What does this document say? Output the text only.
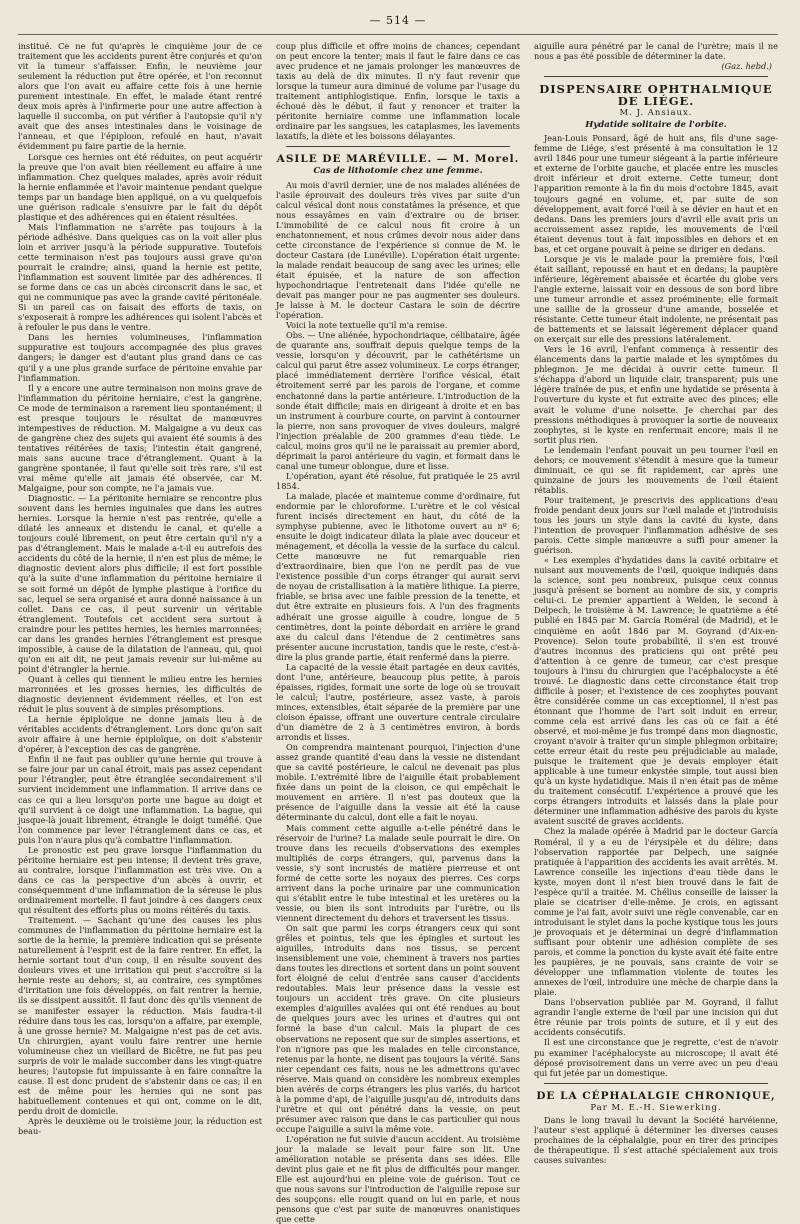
— 514 —

institué. Ce ne fut qu'après le cinquième jour de ce traitement que les accidents purent être conjurés et qu'on vit la tumeur s'affaisser. Enfin, le neuvième jour seulement la réduction put être opérée, et l'on reconnut alors que l'on avait eu affaire cette fois à une hernie purement intestinale. En effet, le malade étant rentré deux mois après à l'infirmerie pour une autre affection à laquelle il succomba, on put vérifier à l'autopsie qu'il n'y avait que des anses intestinales dans le voisinage de l'anneau, et que l'épiploon, refoulé en haut, n'avait évidemment pu faire partie de la hernie.

Lorsque ces hernies ont été réduites, on peut acquérir la preuve que l'on avait bien réellement eu affaire à une inflammation. Chez quelques malades, après avoir réduit la hernie enflammée et l'avoir maintenue pendant quelque temps par un bandage bien appliqué, on a vu quelquefois une guérison radicale s'ensuivre par le fait du dépôt plastique et des adhérences qui en étaient résultées.

Mais l'inflammation ne s'arrête pas toujours à la période adhésive. Dans quelques cas on la voit aller plus loin et arriver jusqu'à la période suppurative. Toutefois cette terminaison n'est pas toujours aussi grave qu'on pourrait le craindre; ainsi, quand la hernie est petite, l'inflammation est souvent limitée par des adhérences. Il se forme dans ce cas un abcès circonscrit dans le sac, et qui ne communique pas avec la grande cavité péritonéale. Si un pareil cas on faisait des efforts de taxis, on s'exposerait à rompre les adhérences qui isolent l'abcès et à refouler le pus dans le ventre.

Dans les hernies volumineuses, l'inflammation suppurative est toujours accompagnée des plus graves dangers; le danger est d'autant plus grand dans ce cas qu'il y a une plus grande surface de péritoine envahie par l'inflammation.

Il y a encore une autre terminaison non moins grave de l'inflammation du péritoine herniaire, c'est la gangrène. Ce mode de terminaison a rarement lieu spontanément; il est presque toujours le résultat de manœuvres intempestives de réduction. M. Malgaigne a vu deux cas de gangrène chez des sujets qui avaient été soumis à des tentatives réitérées de taxis; l'intestin était gangrené, mais sans aucune trace d'étranglement. Quant à la gangrène spontanée, il faut qu'elle soit très rare, s'il est vrai même qu'elle ait jamais été observée, car M. Malgaigne, pour son compte, ne l'a jamais vue.

Diagnostic. — La péritonite herniaire se rencontre plus souvent dans les hernies inguinales que dans les autres hernies. Lorsque la hernie n'est pas rentrée, qu'elle a dilaté les anneaux et distendu le canal, et qu'elle a toujours coulé librement, on peut être certain qu'il n'y a pas d'étranglement. Mais le malade a-t-il eu autrefois des accidents du côté de la hernie, il n'en est plus de même; le diagnostic devient alors plus difficile; il est fort possible qu'à la suite d'une inflammation du péritoine herniaire il se soit formé un dépôt de lymphe plastique à l'orifice du sac, lequel se sera organisé et aura donné naissance à un collet. Dans ce cas, il peut survenir un véritable étranglement. Toutefois cet accident sera surtout à craindre pour les petites hernies, les hernies marronnées; car dans les grandes hernies l'étranglement est presque impossible, à cause de la dilatation de l'anneau, qui, quoi qu'on en ait dit, ne peut jamais revenir sur lui-même au point d'étrangler la hernie.

Quant à celles qui tiennent le milieu entre les hernies marronnées et les grosses hernies, les difficultés de diagnostic deviennent évidemment réelles, et l'on est réduit le plus souvent à de simples présomptions.

La hernie épiploïque ne donne jamais lieu à de véritables accidents d'étranglement. Lors donc qu'on sait avoir affaire à une hernie épiploïque, on doit s'abstenir d'opérer, à l'exception des cas de gangrène.

Enfin il ne faut pas oublier qu'une hernie qui trouve à se faire jour par un canal étroit, mais pas assez cependant pour l'étrangler, peut être étranglée secondairement s'il survient incidemment une inflammation. Il arrive dans ce cas ce qui a lieu lorsqu'on porte une bague au doigt et qu'il survient à ce doigt une inflammation. La bague, qui jusque-là jouait librement, étrangle le doigt tuméfié. Que l'on commence par lever l'étranglement dans ce cas, et puis l'on n'aura plus qu'à combattre l'inflammation.

Le pronostic est peu grave lorsque l'inflammation du péritoine herniaire est peu intense; il devient très grave, au contraire, lorsque l'inflammation est très vive. On a dans ce cas la perspective d'un abcès à ouvrir, et conséquemment d'une inflammation de la séreuse le plus ordinairement mortelle. Il faut joindre à ces dangers ceux qui résultent des efforts plus ou moins réitérés du taxis.

Traitement. — Sachant qu'une des causes les plus communes de l'inflammation du péritoine herniaire est la sortie de la hernie, la première indication qui se présente naturellement à l'esprit est de la faire rentrer. En effet, la hernie sortant tout d'un coup, il en résulte souvent des douleurs vives et une irritation qui peut s'accroître si la hernie reste au dehors; si, au contraire, ces symptômes d'irritation une fois développés, on fait rentrer la hernie, ils se dissipent aussitôt. Il faut donc dès qu'ils viennent de se manifester essayer la réduction. Mais faudra-t-il réduire dans tous les cas, lorsqu'on a affaire, par exemple, à une grosse hernie? M. Malgaigne n'est pas de cet avis. Un chirurgien, ayant voulu faire rentrer une hernie volumineuse chez un vieillard de Bicêtre, ne fut pas peu surpris de voir le malade succomber dans les vingt-quatre heures; l'autopsie fut impuissante à en faire connaître la cause. Il est donc prudent de s'abstenir dans ce cas; il en est de même pour les hernies qui ne sont pas habituellement contenues et qui ont, comme on le dit, perdu droit de domicile.

Après le deuxième ou le troisième jour, la réduction est beau-

coup plus difficile et offre moins de chances; cependant on peut encore la tenter; mais il faut le faire dans ce cas avec prudence et ne jamais prolonger les manœuvres de taxis au delà de dix minutes. Il n'y faut revenir que lorsque la tumeur aura diminué de volume par l'usage du traitement antiphlogistique. Enfin, lorsque le taxis a échoué dès le début, il faut y renoncer et traiter la péritonite herniaire comme une inflammation locale ordinaire par les sangsues, les cataplasmes, les lavements laxatifs, la diète et les boissons délayantes.

ASILE DE MARÉVILLE. — M. Morel.
Cas de lithotomie chez une femme.

Au mois d'avril dernier, une de nos malades aliénées de l'asile éprouvait des douleurs très vives par suite d'un calcul vésical dont nous constatâmes la présence, et que nous essayâmes en vain d'extraire ou de briser. L'immobilité de ce calcul nous fit croire à un enchatonnement, et nous crûmes devoir nous aider dans cette circonstance de l'expérience si connue de M. le docteur Castara (de Lunéville). L'opération était urgente: la malade rendait beaucoup de sang avec les urines; elle était épuisée, et la nature de son affection hypochondriaque l'entretenait dans l'idée qu'elle ne devait pas manger pour ne pas augmenter ses douleurs. Je laisse à M. le docteur Castara le soin de décrire l'opération.

Voici la note textuelle qu'il m'a remise.

Obs. — Une aliénée, hypochondriaque, célibataire, âgée de quarante ans, souffrait depuis quelque temps de la vessie, lorsqu'on y découvrit, par le cathétérisme un calcul qui parut être assez volumineux. Le corps étranger, placé immédiatement derrière l'orifice vésical, était étroitement serré par les parois de l'organe, et comme enchatonné dans la partie antérieure. L'introduction de la sonde était difficile; mais en dirigeant à droite et en bas un instrument à courbure courte, on parvint à contourner la pierre, non sans provoquer de vives douleurs, malgré l'injection préalable de 200 grammes d'eau tiède. Le calcul, moins gros qu'il ne le paraissait au premier abord, déprimait la paroi antérieure du vagin, et formait dans le canal une tumeur oblongue, dure et lisse.

L'opération, ayant été résolue, fut pratiquée le 25 avril 1854.

La malade, placée et maintenue comme d'ordinaire, fut endormie par le chloroforme. L'urètre et le col vésical furent incisés directement en haut, du côté de la symphyse pubienne, avec le lithotome ouvert au nº 6; ensuite le doigt indicateur dilata la plaie avec douceur et ménagement, et décolla la vessie de la surface du calcul. Cette manœuvre ne fut remarquable rien d'extraordinaire, bien que l'on ne perdît pas de vue l'existence possible d'un corps étranger qui aurait servi de noyau de cristallisation à la matière lithique. La pierre, friable, se brisa avec une faible pression de la tenette, et dut être extraite en plusieurs fois. A l'un des fragments adhérait une grosse aiguille à coudre, longue de 5 centimètres, dont la pointe débordait en arrière le grand axe du calcul dans l'étendue de 2 centimètres sans présenter aucune incrustation, tandis que le reste, c'est-à-dire la plus grande partie, était renfermé dans la pierre.

La capacité de la vessie était partagée en deux cavités, dont l'une, antérieure, beaucoup plus petite, à parois épaisses, rigides, formait une sorte de loge où se trouvait le calcul; l'autre, postérieure, assez vaste, à parois minces, extensibles, était séparée de la première par une cloison épaisse, offrant une ouverture centrale circulaire d'un diamètre de 2 à 3 centimètres environ, à bords arrondis et lisses.

On comprendra maintenant pourquoi, l'injection d'une assez grande quantité d'eau dans la vessie ne distendant que sa cavité postérieure, le calcul ne devenait pas plus mobile. L'extrémité libre de l'aiguille était probablement fixée dans un point de la cloison, ce qui empêchait le mouvement en arrière. Il n'est pas douteux que la présence de l'aiguille dans la vessie ait été la cause déterminante du calcul, dont elle a fait le noyau.

Mais comment cette aiguille a-t-elle pénétré dans le réservoir de l'urine? La malade seule pourrait le dire. On trouve dans les recueils d'observations des exemples multipliés de corps étrangers, qui, parvenus dans la vessie, s'y sont incrustés de matière pierreuse et ont formé de cette sorte les noyaux des pierres. Ces corps arrivent dans la poche urinaire par une communication qui s'établit entre le tube intestinal et les uretères ou la vessie, ou bien ils sont introduits par l'urètre, ou ils viennent directement du dehors et traversent les tissus.

On sait que parmi les corps étrangers ceux qui sont grêles et pointus, tels que les épingles et surtout les aiguilles, introduits dans nos tissus, se percent insensiblement une voie, cheminent à travers nos parties dans toutes les directions et sortent dans un point souvent fort éloigné de celui d'entrée sans causer d'accidents redoutables. Mais leur présence dans la vessie est toujours un accident très grave. On cite plusieurs exemples d'aiguilles avalées qui ont été rendues au bout de quelques jours avec les urines et d'autres qui ont formé la base d'un calcul. Mais la plupart de ces observations ne reposent que sur de simples assertions, et l'on n'ignore pas que les malades en telle circonstance, retenus par la honte, ne disent pas toujours la vérité. Sans nier cependant ces faits, nous ne les admettrons qu'avec réserve. Mais quand on considère les nombreux exemples bien avérés de corps étrangers les plus variés, du haricot à la pomme d'api, de l'aiguille jusqu'au dé, introduits dans l'urètre et qui ont pénétré dans la vessie, on peut présumer avec raison que dans le cas particulier qui nous occupe l'aiguille a suivi la même voie.

L'opération ne fut suivie d'aucun accident. Au troisième jour la malade se levait pour faire son lit. Une amélioration notable se présenta dans ses idées. Elle devint plus gaie et ne fit plus de difficultés pour manger. Elle est aujourd'hui en pleine voie de guérison. Tout ce que nous savons sur l'introduction de l'aiguille repose sur des soupçons: elle rougit quand on lui en parle, et nous pensons que c'est par suite de manœuvres onanistiques que cette

aiguille aura pénétré par le canal de l'urètre; mais il ne nous a pas été possible de déterminer la date.

(Gaz. hebd.)
DISPENSAIRE OPHTHALMIQUE DE LIÉGE.
M. J. Ansiaux.
Hydatide solitaire de l'orbite.

Jean-Louis Ponsard, âgé de huit ans, fils d'une sage-femme de Liége, s'est présenté à ma consultation le 12 avril 1846 pour une tumeur siégeant à la partie inférieure et externe de l'orbite gauche, et placée entre les muscles droit inférieur et droit externe. Cette tumeur, dont l'apparition remonte à la fin du mois d'octobre 1845, avait toujours gagné en volume, et, par suite de son développement, avait forcé l'œil à se dévier en haut et en dedans. Dans les premiers jours d'avril elle avait pris un accroissement assez rapide, les mouvements de l'œil étaient devenus tout à fait impossibles en dehors et en bas, et cet organe pouvait à peine se diriger en dedans.

Lorsque je vis le malade pour la première fois, l'œil était saillant, repoussé en haut et en dedans; la paupière inférieure, légèrement abaissée et écartée du globe vers l'angle externe, laissait voir en dessous de son bord libre une tumeur arrondie et assez proéminente; elle formait une saillie de la grosseur d'une amande, bosselée et résistante. Cette tumeur était indolente, ne présentait pas de battements et se laissait légèrement déplacer quand on exerçait sur elle des pressions latéralement.

Vers le 16 avril, l'enfant commença à ressentir des élancements dans la partie malade et les symptômes du phlegmon. Je me décidai à ouvrir cette tumeur. Il s'échappa d'abord un liquide clair, transparent; puis une légère traînée de pus, et enfin une hydatide se présenta à l'ouverture du kyste et fut extraite avec des pinces; elle avait le volume d'une noisette. Je cherchai par des pressions méthodiques à provoquer la sortie de nouveaux zoophytes, si le kyste en renfermait encore; mais il ne sortit plus rien.

Le lendemain l'enfant pouvait un peu tourner l'œil en dehors; ce mouvement s'étendit à mesure que la tumeur diminuait, ce qui se fit rapidement, car après une quinzaine de jours les mouvements de l'œil étaient rétablis.

Pour traitement, je prescrivis des applications d'eau froide pendant deux jours sur l'œil malade et j'introduisis tous les jours un style dans la cavité du kyste, dans l'intention de provoquer l'inflammation adhésive de ses parois. Cette simple manœuvre a suffi pour amener la guérison.

« Les exemples d'hydatides dans la cavité orbitaire et nuisant aux mouvements de l'œil, quoique indiqués dans la science, sont peu nombreux, puisque ceux connus jusqu'à présent se bornent au nombre de six, y compris celui-ci. Le premier appartient à Welden, le second à Delpech, le troisième à M. Lawrence; le quatrième a été publié en 1845 par M. García Roméral (de Madrid), et le cinquième en août 1846 par M. Goyrand (d'Aix-en-Provence). Selon toute probabilité, il s'en est trouvé d'autres inconnus des praticiens qui ont prêté peu d'attention à ce genre de tumeur, car c'est presque toujours à l'insu du chirurgien que l'acéphalocyste a été trouvé. Le diagnostic dans cette circonstance était trop difficile à poser; et l'existence de ces zoophytes pouvant être considérée comme un cas exceptionnel, il n'est pas étonnant que l'homme de l'art soit induit en erreur, comme cela est arrivé dans les cas où ce fait a été observé, et moi-même je fus trompé dans mon diagnostic, croyant n'avoir à traiter qu'un simple phlegmon orbitaire; cette erreur était du reste peu préjudiciable au malade, puisque le traitement que je devais employer était applicable à une tumeur enkystée simple, tout aussi bien qu'à un kyste hydatidique. Mais il n'en était pas de même du traitement consécutif. L'expérience a prouvé que les corps étrangers introduits et laissés dans la plaie pour déterminer une inflammation adhésive des parois du kyste avaient suscité de graves accidents.

Chez la malade opérée à Madrid par le docteur García Roméral, il y a eu de l'érysipèle et du délire; dans l'observation rapportée par Delpech, une saignée pratiquée à l'apparition des accidents les avait arrêtés. M. Lawrence conseille les injections d'eau tiède dans le kyste, moyen dont il n'est bien trouvé dans le fait de l'espèce qu'il a traitée. M. Chélius conseille de laisser la plaie se cicatriser d'elle-même. Je crois, en agissant comme je l'ai fait, avoir suivi une règle convenable, car en introduisant le stylet dans la poche kystique tous les jours je provoquais et je déterminai un degré d'inflammation suffisant pour obtenir une adhésion complète de ses parois, et comme la ponction du kyste avait été faite entre les paupières, je ne pouvais, sans crainte de voir se développer une inflammation violente de toutes les annexes de l'œil, introduire une mèche de charpie dans la plaie.

Dans l'observation publiée par M. Goyrand, il fallut agrandir l'angle externe de l'œil par une incision qui dut être réunie par trois points de suture, et il y eut des accidents consécutifs.

Il est une circonstance que je regrette, c'est de n'avoir pu examiner l'acéphalocyste au microscope; il avait été déposé provisoirement dans un verre avec un peu d'eau qui fut jetée par un domestique.

DE LA CÉPHALALGIE CHRONIQUE,
Par M. E.-H. Siewerking.

Dans le long travail lu devant la Société harvéienne, l'auteur s'est appliqué à déterminer les diverses causes prochaines de la céphalalgie, pour en tirer des principes de thérapeutique. Il s'est attaché spécialement aux trois causes suivantes:
